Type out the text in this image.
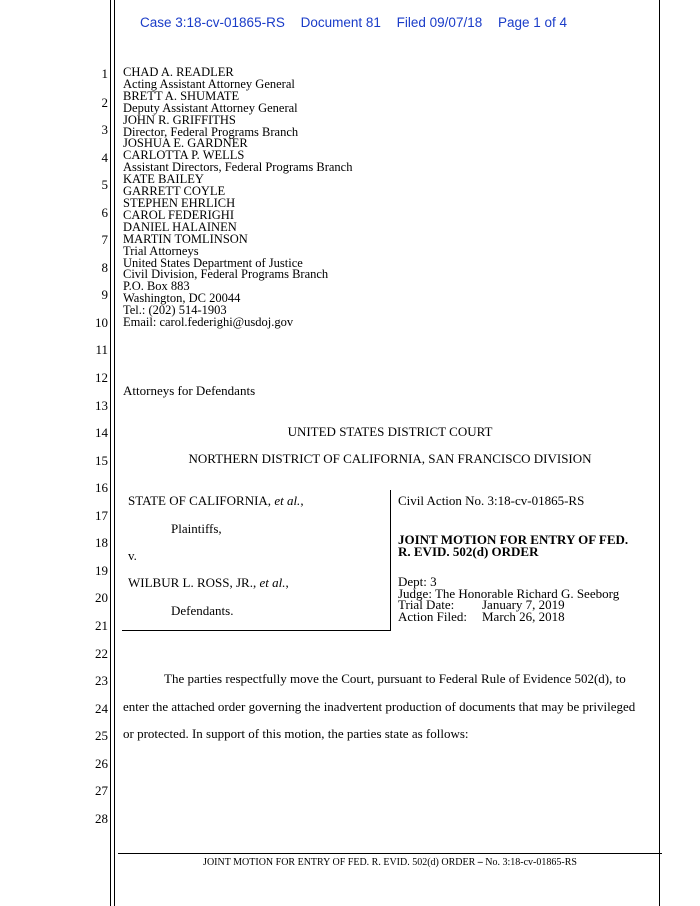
Case 3:18-cv-01865-RS Document 81 Filed 09/07/18 Page 1 of 4
1
2
3
4
5
6
7
8
9
10
11
12
13
14
15
16
17
18
19
20
21
22
23
24
25
26
27
28
CHAD A. READLER
Acting Assistant Attorney General
BRETT A. SHUMATE
Deputy Assistant Attorney General
JOHN R. GRIFFITHS
Director, Federal Programs Branch
JOSHUA E. GARDNER
CARLOTTA P. WELLS
Assistant Directors, Federal Programs Branch
KATE BAILEY
GARRETT COYLE
STEPHEN EHRLICH
CAROL FEDERIGHI
DANIEL HALAINEN
MARTIN TOMLINSON
Trial Attorneys
United States Department of Justice
Civil Division, Federal Programs Branch
P.O. Box 883
Washington, DC 20044
Tel.: (202) 514-1903
Email: carol.federighi@usdoj.gov
Attorneys for Defendants
UNITED STATES DISTRICT COURT
NORTHERN DISTRICT OF CALIFORNIA, SAN FRANCISCO DIVISION
STATE OF CALIFORNIA, et al.,
Plaintiffs,
v.
WILBUR L. ROSS, JR., et al.,
Defendants.
Civil Action No. 3:18-cv-01865-RS
JOINT MOTION FOR ENTRY OF FED.
R. EVID. 502(d) ORDER
Dept: 3
Judge: The Honorable Richard G. Seeborg
Trial Date: January 7, 2019
Action Filed: March 26, 2018
The parties respectfully move the Court, pursuant to Federal Rule of Evidence 502(d), to
enter the attached order governing the inadvertent production of documents that may be privileged
or protected. In support of this motion, the parties state as follows:
JOINT MOTION FOR ENTRY OF FED. R. EVID. 502(d) ORDER – No. 3:18-cv-01865-RS
